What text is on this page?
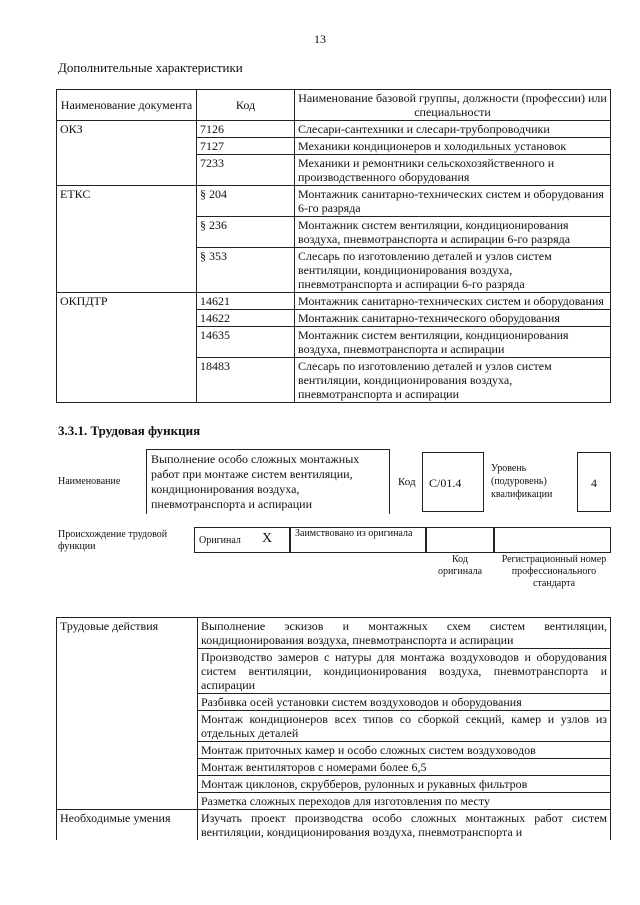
13
Дополнительные характеристики
Наименование документа	Код	Наименование базовой группы, должности (профессии) или специальности
ОКЗ	7126	Слесари-сантехники и слесари-трубопроводчики
	7127	Механики кондиционеров и холодильных установок
	7233	Механики и ремонтники сельскохозяйственного и производственного оборудования
ЕТКС	§ 204	Монтажник санитарно-технических систем и оборудования 6-го разряда
	§ 236	Монтажник систем вентиляции, кондиционирования воздуха, пневмотранспорта и аспирации 6-го разряда
	§ 353	Слесарь по изготовлению деталей и узлов систем вентиляции, кондиционирования воздуха, пневмотранспорта и аспирации 6-го разряда
ОКПДТР	14621	Монтажник санитарно-технических систем и оборудования
	14622	Монтажник санитарно-технического оборудования
	14635	Монтажник систем вентиляции, кондиционирования воздуха, пневмотранспорта и аспирации
	18483	Слесарь по изготовлению деталей и узлов систем вентиляции, кондиционирования воздуха, пневмотранспорта и аспирации
3.3.1. Трудовая функция
Наименование
Выполнение особо сложных монтажных работ при монтаже систем вентиляции, кондиционирования воздуха, пневмотранспорта и аспирации
Код	C/01.4
Уровень (подуровень) квалификации
4
Происхождение трудовой функции
Оригинал X Заимствовано из оригинала
Код оригинала
Регистрационный номер профессионального стандарта
Трудовые действия	Выполнение эскизов и монтажных схем систем вентиляции, кондиционирования воздуха, пневмотранспорта и аспирации
	Производство замеров с натуры для монтажа воздуховодов и оборудования систем вентиляции, кондиционирования воздуха, пневмотранспорта и аспирации
	Разбивка осей установки систем воздуховодов и оборудования
	Монтаж кондиционеров всех типов со сборкой секций, камер и узлов из отдельных деталей
	Монтаж приточных камер и особо сложных систем воздуховодов
	Монтаж вентиляторов с номерами более 6,5
	Монтаж циклонов, скрубберов, рулонных и рукавных фильтров
	Разметка сложных переходов для изготовления по месту
Необходимые умения	Изучать проект производства особо сложных монтажных работ систем вентиляции, кондиционирования воздуха, пневмотранспорта и
